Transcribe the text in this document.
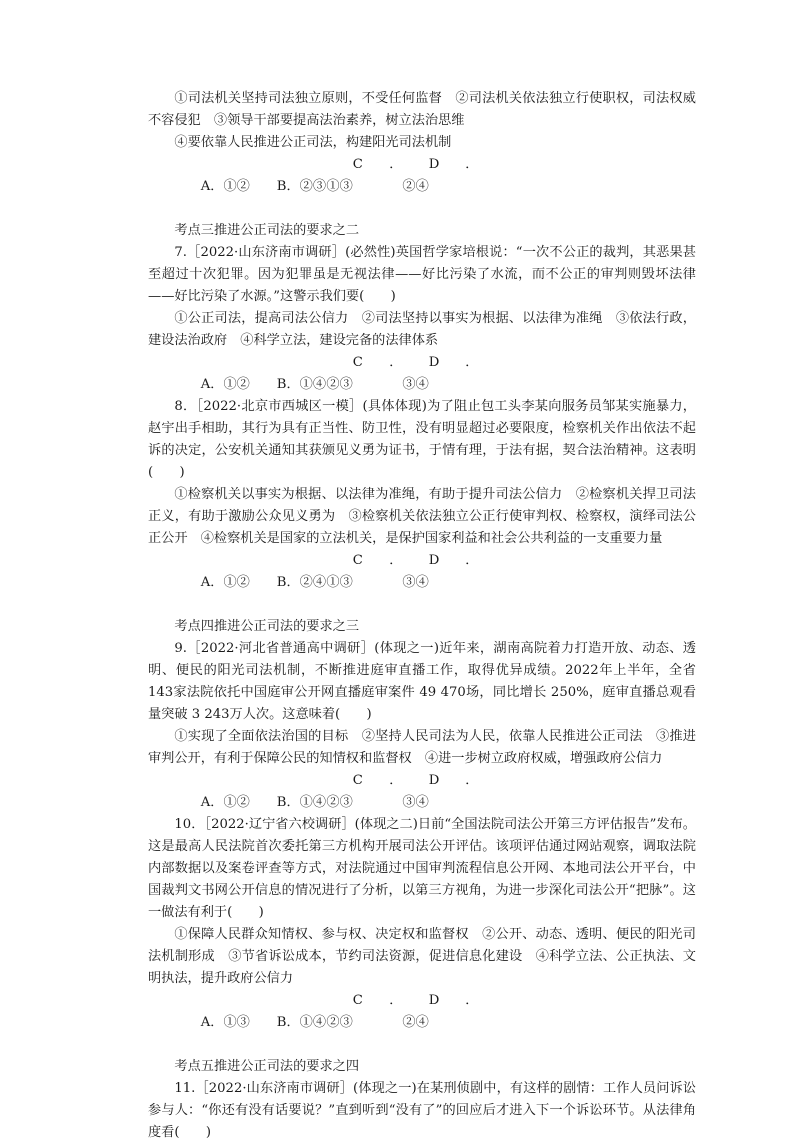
①司法机关坚持司法独立原则，不受任何监督　②司法机关依法独立行使职权，司法权威不容侵犯　③领导干部要提高法治素养，树立法治思维

④要依靠人民推进公正司法，构建阳光司法机制

A．①② B．②③C．①③D．②④

考点三推进公正司法的要求之二

7.［2022·山东济南市调研］(必然性)英国哲学家培根说：“一次不公正的裁判，其恶果甚至超过十次犯罪。因为犯罪虽是无视法律——好比污染了水流，而不公正的审判则毁坏法律——好比污染了水源。”这警示我们要(　　)

①公正司法，提高司法公信力　②司法坚持以事实为根据、以法律为准绳　③依法行政，建设法治政府　④科学立法，建设完备的法律体系

A．①② B．①④C．②③D．③④

8．［2022·北京市西城区一模］(具体体现)为了阻止包工头李某向服务员邹某实施暴力，赵宇出手相助，其行为具有正当性、防卫性，没有明显超过必要限度，检察机关作出依法不起诉的决定，公安机关通知其获颁见义勇为证书，于情有理，于法有据，契合法治精神。这表明(　　)

①检察机关以事实为根据、以法律为准绳，有助于提升司法公信力　②检察机关捍卫司法正义，有助于激励公众见义勇为　③检察机关依法独立公正行使审判权、检察权，演绎司法公正公开　④检察机关是国家的立法机关，是保护国家利益和社会公共利益的一支重要力量

A．①② B．②④C．①③D．③④

考点四推进公正司法的要求之三

9.［2022·河北省普通高中调研］(体现之一)近年来，湖南高院着力打造开放、动态、透明、便民的阳光司法机制，不断推进庭审直播工作，取得优异成绩。2022年上半年，全省 143家法院依托中国庭审公开网直播庭审案件 49 470场，同比增长 250%，庭审直播总观看量突破 3 243万人次。这意味着(　　)

①实现了全面依法治国的目标　②坚持人民司法为人民，依靠人民推进公正司法　③推进审判公开，有利于保障公民的知情权和监督权　④进一步树立政府权威，增强政府公信力

A．①② B．①④C．②③D．③④

10．［2022·辽宁省六校调研］(体现之二)日前“全国法院司法公开第三方评估报告”发布。这是最高人民法院首次委托第三方机构开展司法公开评估。该项评估通过网站观察，调取法院内部数据以及案卷评查等方式，对法院通过中国审判流程信息公开网、本地司法公开平台，中国裁判文书网公开信息的情况进行了分析，以第三方视角，为进一步深化司法公开“把脉”。这一做法有利于(　　)

①保障人民群众知情权、参与权、决定权和监督权　②公开、动态、透明、便民的阳光司法机制形成　③节省诉讼成本，节约司法资源，促进信息化建设　④科学立法、公正执法、文明执法，提升政府公信力

A．①③ B．①④C．②③D．②④

考点五推进公正司法的要求之四

11.［2022·山东济南市调研］(体现之一)在某刑侦剧中，有这样的剧情：工作人员问诉讼参与人：“你还有没有话要说？”直到听到“没有了”的回应后才进入下一个诉讼环节。从法律角度看(　　)
